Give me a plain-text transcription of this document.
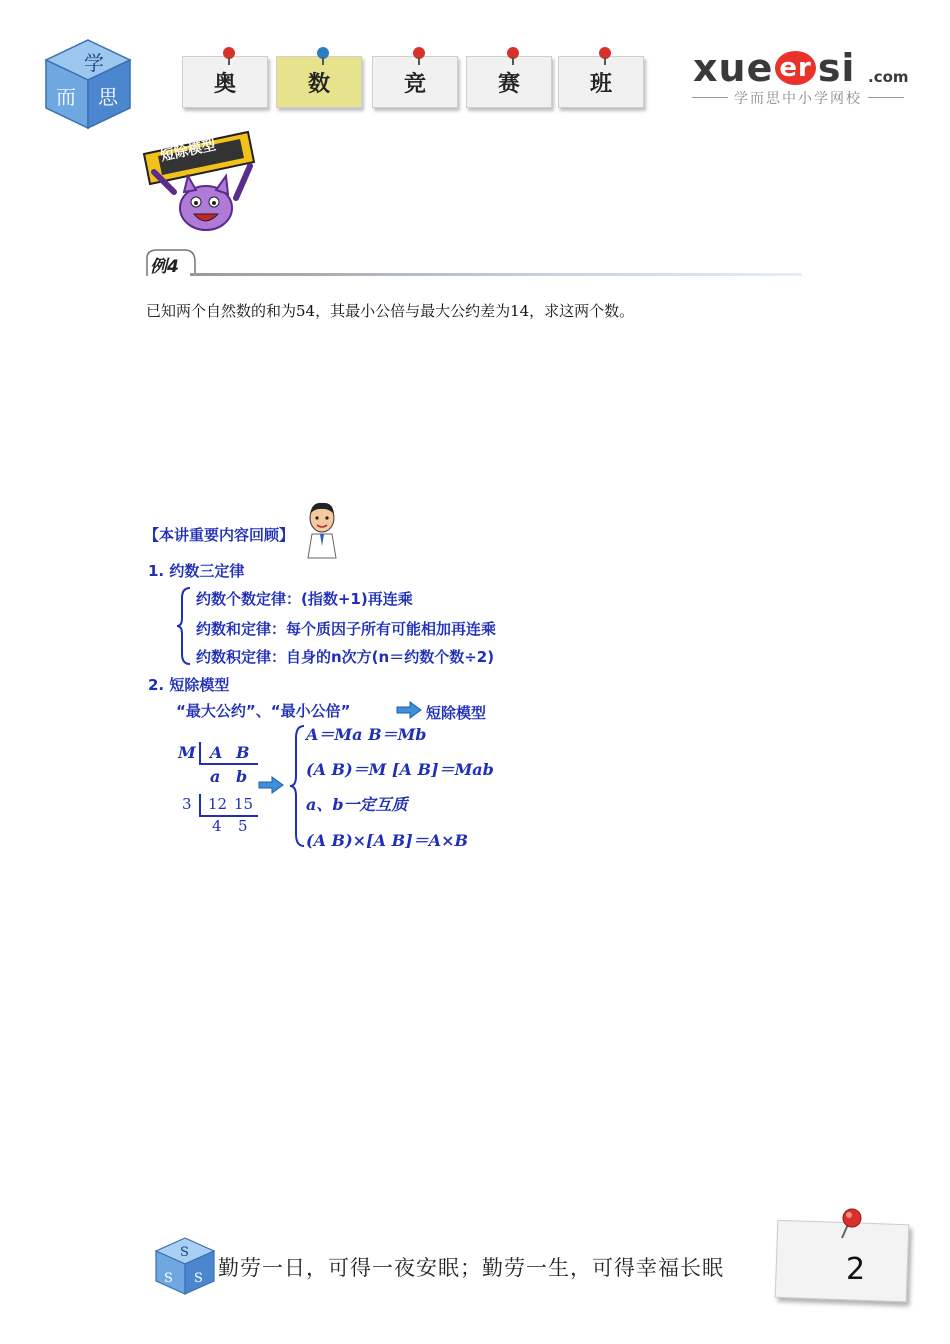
学
而 思
奥	数	竞	赛	班 xue er si .com
学而思中小学网校
短除模型
例4
已知两个自然数的和为54，其最小公倍与最大公约差为14，求这两个数。
【本讲重要内容回顾】
1. 约数三定律
约数个数定律：(指数+1)再连乘
约数和定律：每个质因子所有可能相加再连乘
约数积定律：自身的n次方(n＝约数个数÷2)
2. 短除模型
“最大公约”、“最小公倍”	短除模型
M A B
a b
3 12 15
4 5
A＝Ma B＝Mb
(A B)＝M [A B]＝Mab
a、b一定互质
(A B)×[A B]＝A×B
S
S S 勤劳一日，可得一夜安眠；勤劳一生，可得幸福长眠	2
